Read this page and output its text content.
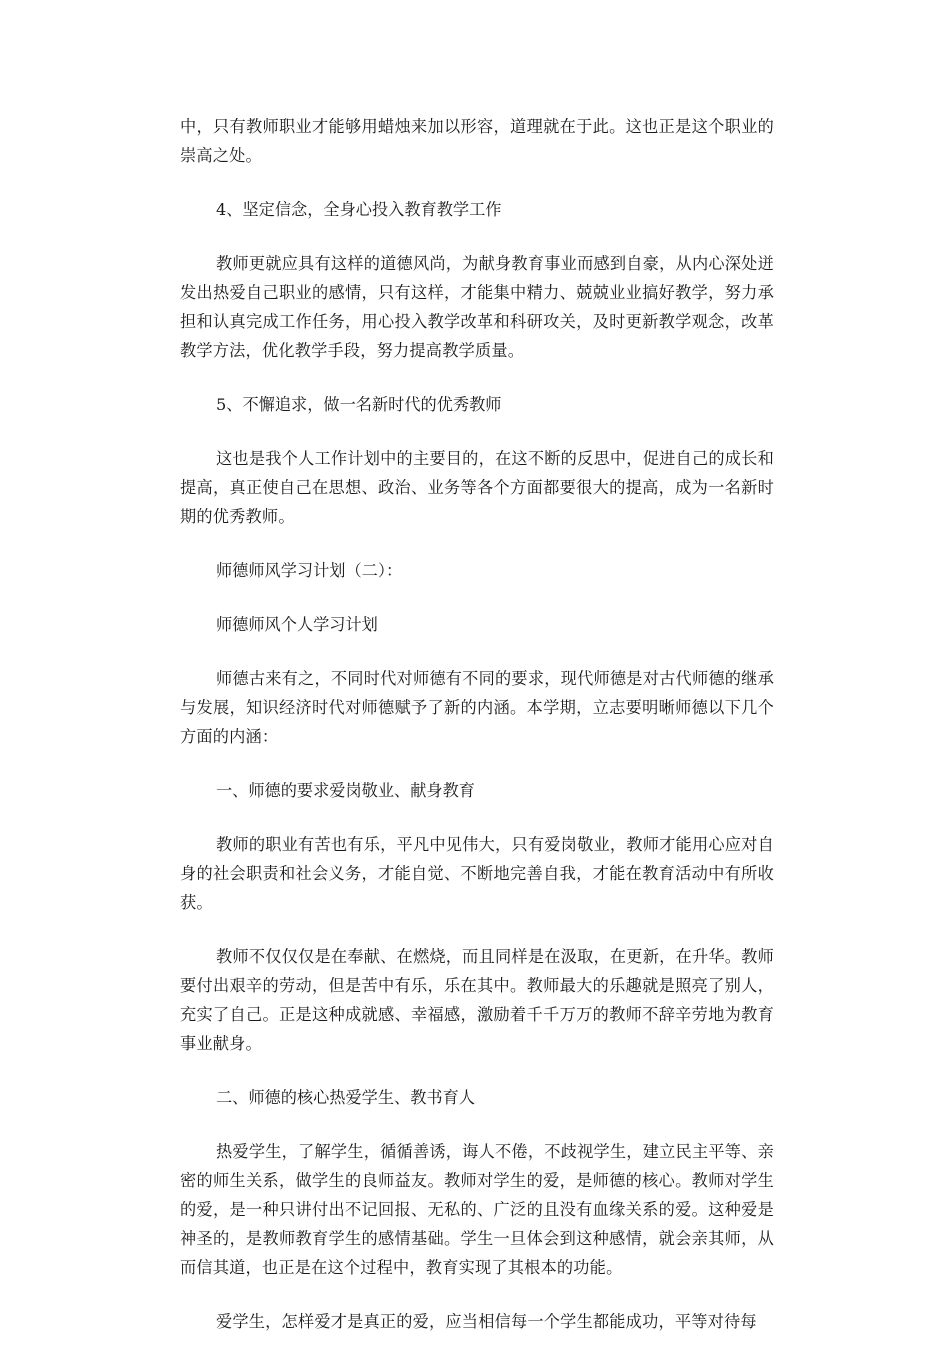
中，只有教师职业才能够用蜡烛来加以形容，道理就在于此。这也正是这个职业的崇高之处。

4、坚定信念，全身心投入教育教学工作

教师更就应具有这样的道德风尚，为献身教育事业而感到自豪，从内心深处迸发出热爱自己职业的感情，只有这样，才能集中精力、兢兢业业搞好教学，努力承担和认真完成工作任务，用心投入教学改革和科研攻关，及时更新教学观念，改革教学方法，优化教学手段，努力提高教学质量。

5、不懈追求，做一名新时代的优秀教师

这也是我个人工作计划中的主要目的，在这不断的反思中，促进自己的成长和提高，真正使自己在思想、政治、业务等各个方面都要很大的提高，成为一名新时期的优秀教师。

师德师风学习计划（二）：

师德师风个人学习计划

师德古来有之，不同时代对师德有不同的要求，现代师德是对古代师德的继承与发展，知识经济时代对师德赋予了新的内涵。本学期，立志要明晰师德以下几个方面的内涵：

一、师德的要求爱岗敬业、献身教育

教师的职业有苦也有乐，平凡中见伟大，只有爱岗敬业，教师才能用心应对自身的社会职责和社会义务，才能自觉、不断地完善自我，才能在教育活动中有所收获。

教师不仅仅仅是在奉献、在燃烧，而且同样是在汲取，在更新，在升华。教师要付出艰辛的劳动，但是苦中有乐，乐在其中。教师最大的乐趣就是照亮了别人，充实了自己。正是这种成就感、幸福感，激励着千千万万的教师不辞辛劳地为教育事业献身。

二、师德的核心热爱学生、教书育人

热爱学生，了解学生，循循善诱，诲人不倦，不歧视学生，建立民主平等、亲密的师生关系，做学生的良师益友。教师对学生的爱，是师德的核心。教师对学生的爱，是一种只讲付出不记回报、无私的、广泛的且没有血缘关系的爱。这种爱是神圣的，是教师教育学生的感情基础。学生一旦体会到这种感情，就会亲其师，从而信其道，也正是在这个过程中，教育实现了其根本的功能。

爱学生，怎样爱才是真正的爱，应当相信每一个学生都能成功，平等对待每
